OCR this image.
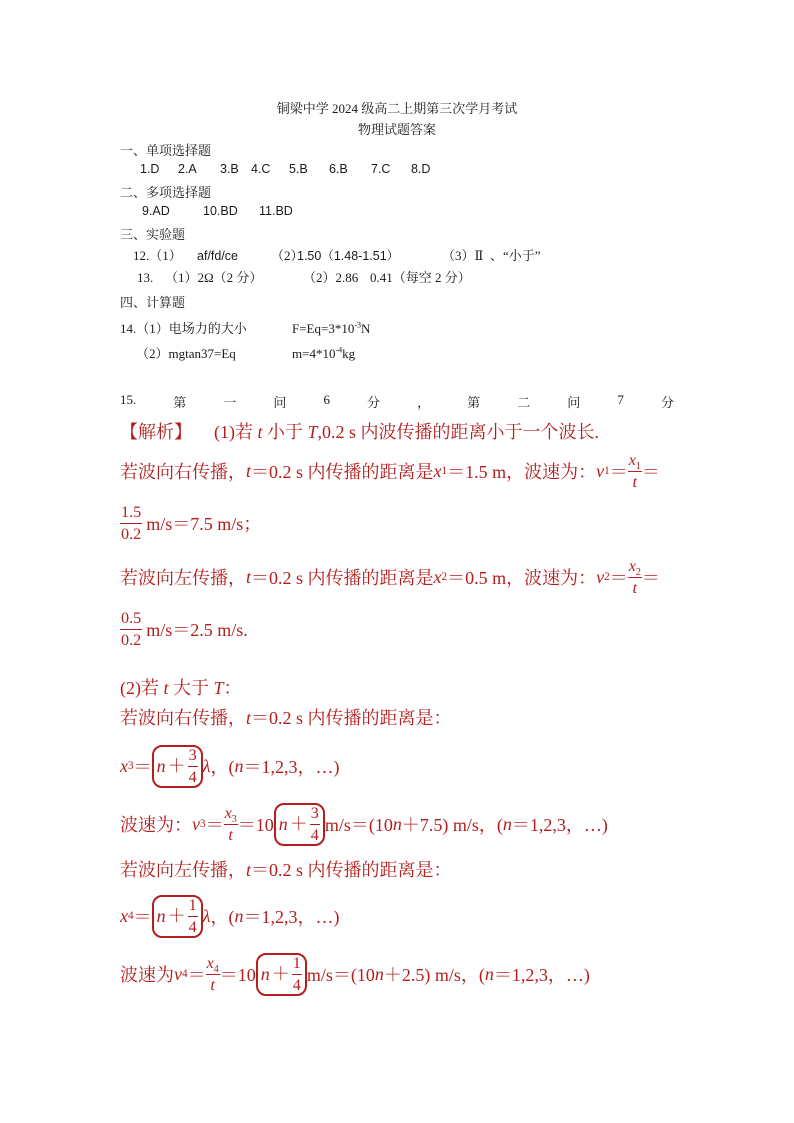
铜梁中学 2024 级高二上期第三次学月考试
物理试题答案
一、单项选择题
1.D 2.A 3.B 4.C 5.B 6.B 7.C 8.D
二、多项选择题
9.AD	10.BD 11.BD
三、实验题
12.（1） af/fd/ce	（2）1.50（1.48-1.51）	（3）Ⅱ 、“小于”
13. （1）2Ω（2 分）	（2）2.86 0.41（每空 2 分）
四、计算题
14.（1）电场力的大小	$F=Eq=3*10^{-3}N$
（2）mgtan37=Eq	$m=4*10^{-4}kg$
15.	第	一	问	6	分	，	第	二	问	7	分
【解析】 (1)若 t 小于 T,0.2 s 内波传播的距离小于一个波长.
若波向右传播， t ＝0.2 s 内传播的距离是 x 1 ＝1.5 m，波速为： v $1 = \frac{x_1}{t}$ ＝
$\frac{1.5}{0.2} m/s=7.5$ m/s；
若波向左传播， t ＝0.2 s 内传播的距离是 x 2 ＝0.5 m，波速为： v $2 = \frac{x_2}{t}$ ＝
$\frac{0.5}{0.2} m/s=2.5$ m/s.
(2)若 t 大于 T：
若波向右传播，t＝0.2 s 内传播的距离是：
x $3 = n + \frac{3}{4}$ λ ，( n ＝1,2,3，…)
波速为： v $3 = \frac{x_3}{t} =10$ $n + \frac{3}{4} m/s=(10$ n ＋7.5) m/s，( n ＝1,2,3，…)
若波向左传播，t＝0.2 s 内传播的距离是：
x $4 = n + \frac{1}{4}$ λ ，( n ＝1,2,3，…)
波速为 v $4 = \frac{x_4}{t} =10$ $n + \frac{1}{4} m/s=(10$ n ＋2.5) m/s，( n ＝1,2,3，…)
